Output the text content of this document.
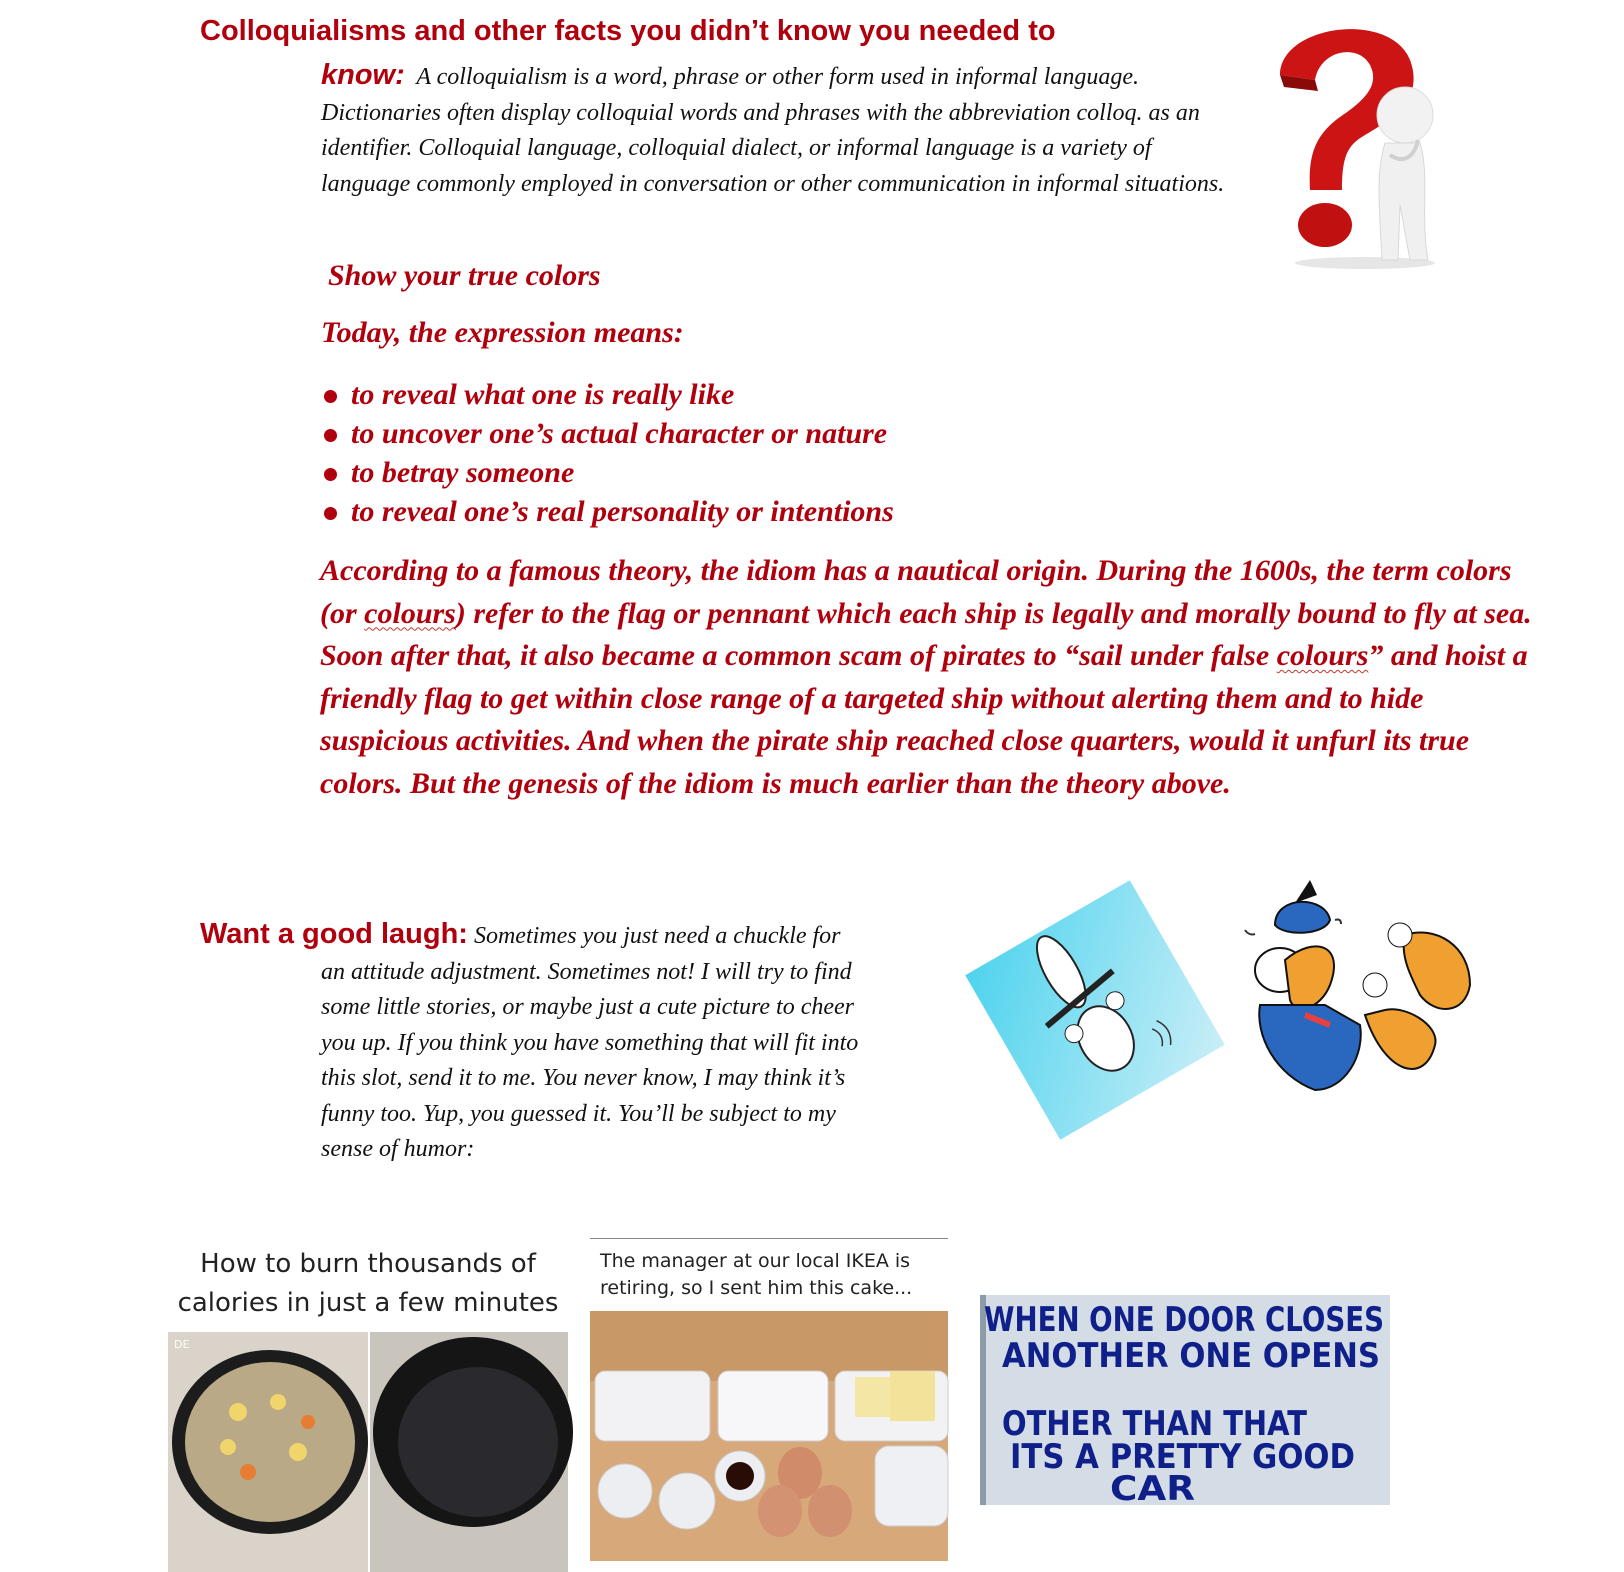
Colloquialisms and other facts you didn’t know you needed to
know: A colloquialism is a word, phrase or other form used in informal language. Dictionaries often display colloquial words and phrases with the abbreviation colloq. as an identifier. Colloquial language, colloquial dialect, or informal language is a variety of language commonly employed in conversation or other communication in informal situations.
Show your true colors
Today, the expression means:
to reveal what one is really like
to uncover one’s actual character or nature
to betray someone
to reveal one’s real personality or intentions
According to a famous theory, the idiom has a nautical origin. During the 1600s, the term colors (or colours) refer to the flag or pennant which each ship is legally and morally bound to fly at sea. Soon after that, it also became a common scam of pirates to “sail under false colours” and hoist a friendly flag to get within close range of a targeted ship without alerting them and to hide suspicious activities. And when the pirate ship reached close quarters, would it unfurl its true colors. But the genesis of the idiom is much earlier than the theory above.
Want a good laugh: Sometimes you just need a chuckle for
an attitude adjustment. Sometimes not! I will try to find
some little stories, or maybe just a cute picture to cheer
you up. If you think you have something that will fit into
this slot, send it to me. You never know, I may think it’s
funny too. Yup, you guessed it. You’ll be subject to my
sense of humor:
How to burn thousands of
calories in just a few minutes
DE
The manager at our local IKEA is
retiring, so I sent him this cake...
WHEN ONE DOOR CLOSES
ANOTHER ONE OPENS
OTHER THAN THAT
ITS A PRETTY GOOD
CAR
